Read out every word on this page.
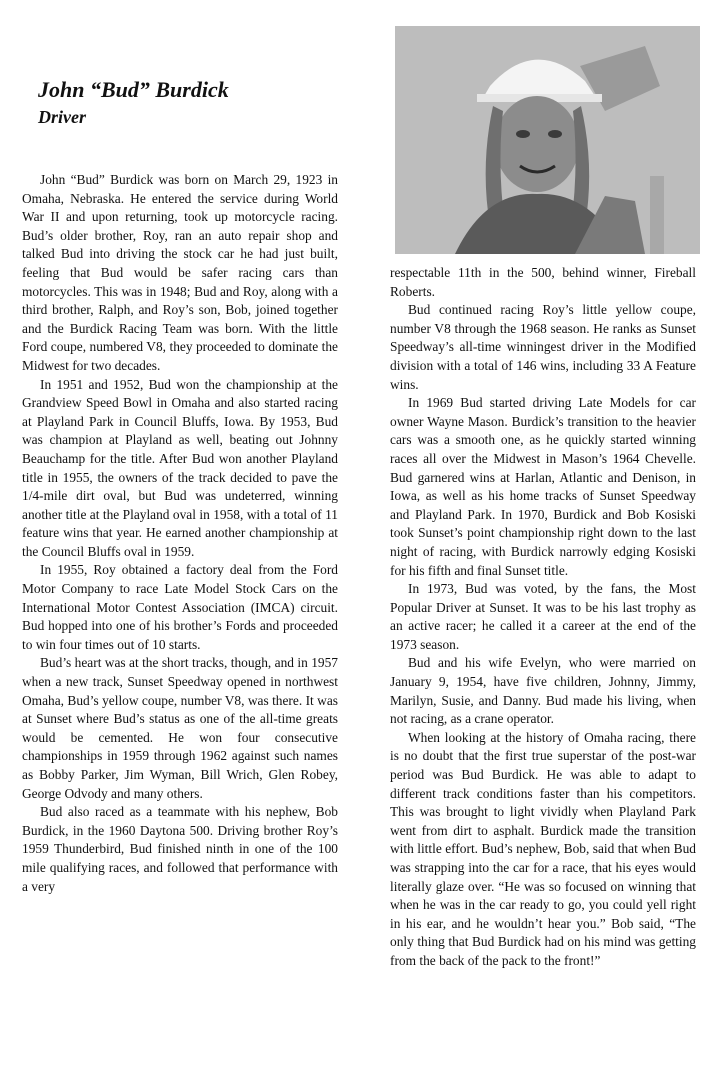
John “Bud” Burdick
Driver

John “Bud” Burdick was born on March 29, 1923 in Omaha, Nebraska. He entered the service during World War II and upon returning, took up motorcycle racing. Bud’s older brother, Roy, ran an auto repair shop and talked Bud into driving the stock car he had just built, feeling that Bud would be safer racing cars than motorcycles. This was in 1948; Bud and Roy, along with a third brother, Ralph, and Roy’s son, Bob, joined together and the Burdick Racing Team was born. With the little Ford coupe, numbered V8, they proceeded to dominate the Midwest for two decades.

In 1951 and 1952, Bud won the championship at the Grandview Speed Bowl in Omaha and also started racing at Playland Park in Council Bluffs, Iowa. By 1953, Bud was champion at Playland as well, beating out Johnny Beauchamp for the title. After Bud won another Playland title in 1955, the owners of the track decided to pave the 1/4-mile dirt oval, but Bud was undeterred, winning another title at the Playland oval in 1958, with a total of 11 feature wins that year. He earned another championship at the Council Bluffs oval in 1959.

In 1955, Roy obtained a factory deal from the Ford Motor Company to race Late Model Stock Cars on the International Motor Contest Association (IMCA) circuit. Bud hopped into one of his brother’s Fords and proceeded to win four times out of 10 starts.

Bud’s heart was at the short tracks, though, and in 1957 when a new track, Sunset Speedway opened in northwest Omaha, Bud’s yellow coupe, number V8, was there. It was at Sunset where Bud’s status as one of the all-time greats would be cemented. He won four consecutive championships in 1959 through 1962 against such names as Bobby Parker, Jim Wyman, Bill Wrich, Glen Robey, George Odvody and many others.

Bud also raced as a teammate with his nephew, Bob Burdick, in the 1960 Daytona 500. Driving brother Roy’s 1959 Thunderbird, Bud finished ninth in one of the 100 mile qualifying races, and followed that performance with a very

respectable 11th in the 500, behind winner, Fireball Roberts.

Bud continued racing Roy’s little yellow coupe, number V8 through the 1968 season. He ranks as Sunset Speedway’s all-time winningest driver in the Modified division with a total of 146 wins, including 33 A Feature wins.

In 1969 Bud started driving Late Models for car owner Wayne Mason. Burdick’s transition to the heavier cars was a smooth one, as he quickly started winning races all over the Midwest in Mason’s 1964 Chevelle. Bud garnered wins at Harlan, Atlantic and Denison, in Iowa, as well as his home tracks of Sunset Speedway and Playland Park. In 1970, Burdick and Bob Kosiski took Sunset’s point championship right down to the last night of racing, with Burdick narrowly edging Kosiski for his fifth and final Sunset title.

In 1973, Bud was voted, by the fans, the Most Popular Driver at Sunset. It was to be his last trophy as an active racer; he called it a career at the end of the 1973 season.

Bud and his wife Evelyn, who were married on January 9, 1954, have five children, Johnny, Jimmy, Marilyn, Susie, and Danny. Bud made his living, when not racing, as a crane operator.

When looking at the history of Omaha racing, there is no doubt that the first true superstar of the post-war period was Bud Burdick. He was able to adapt to different track conditions faster than his competitors. This was brought to light vividly when Playland Park went from dirt to asphalt. Burdick made the transition with little effort. Bud’s nephew, Bob, said that when Bud was strapping into the car for a race, that his eyes would literally glaze over. “He was so focused on winning that when he was in the car ready to go, you could yell right in his ear, and he wouldn’t hear you.” Bob said, “The only thing that Bud Burdick had on his mind was getting from the back of the pack to the front!”
